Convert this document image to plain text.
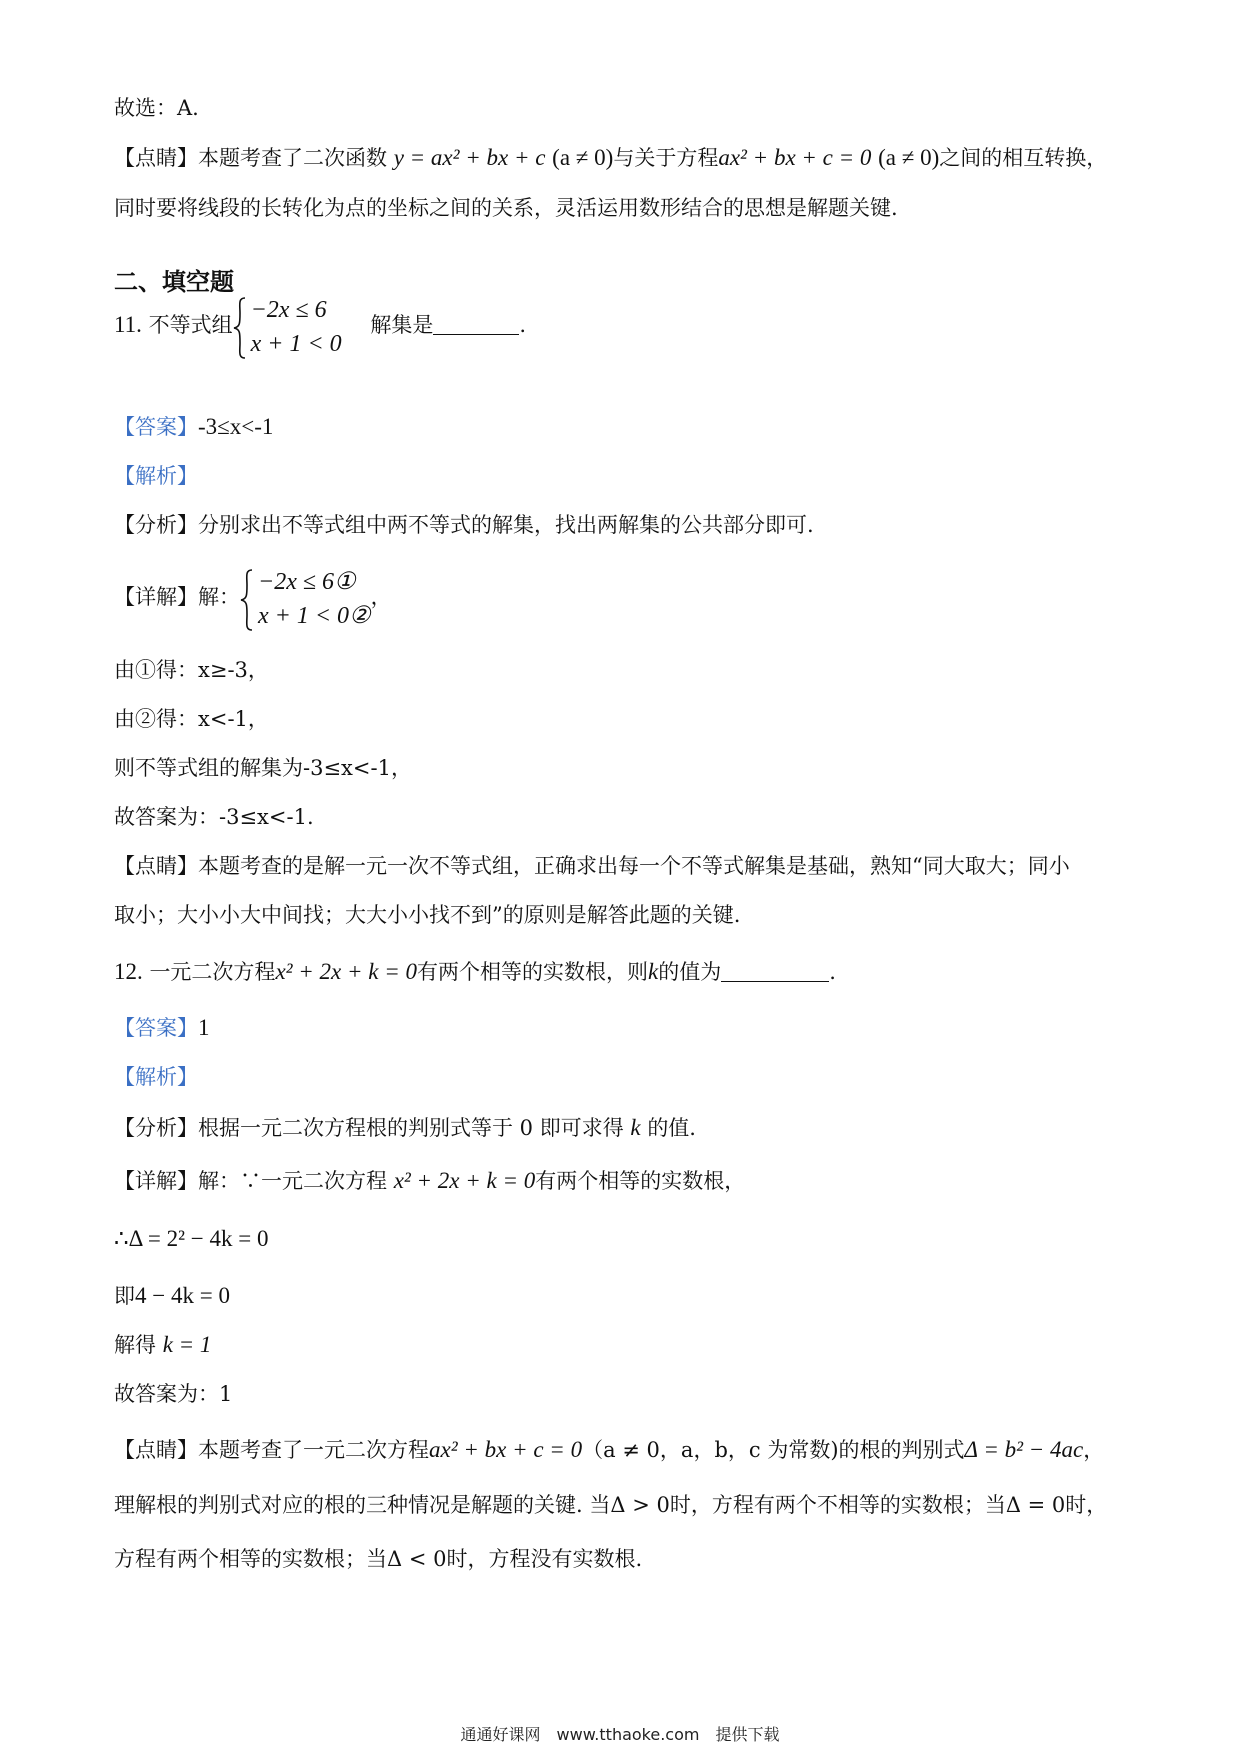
故选：A.
【点睛】本题考查了二次函数 y = ax² + bx + c (a ≠ 0)与关于方程ax² + bx + c = 0 (a ≠ 0)之间的相互转换，
同时要将线段的长转化为点的坐标之间的关系，灵活运用数形结合的思想是解题关键.
二、填空题
11. 不等式组
−2x ≤ 6
x + 1 < 0
解集是	.
【答案】-3≤x<-1
【解析】
【分析】分别求出不等式组中两不等式的解集，找出两解集的公共部分即可.
【详解】解：
−2x ≤ 6①
x + 1 < 0②
，
由①得：x≥-3，
由②得：x<-1，
则不等式组的解集为-3≤x<-1，
故答案为：-3≤x<-1.
【点睛】本题考查的是解一元一次不等式组，正确求出每一个不等式解集是基础，熟知“同大取大；同小
取小；大小小大中间找；大大小小找不到”的原则是解答此题的关键.
12. 一元二次方程x² + 2x + k = 0有两个相等的实数根，则k的值为	.
【答案】1
【解析】
【分析】根据一元二次方程根的判别式等于 0 即可求得 k 的值.
【详解】解：∵一元二次方程 x² + 2x + k = 0有两个相等的实数根，
∴Δ = 2² − 4k = 0
即4 − 4k = 0
解得 k = 1
故答案为：1
【点睛】本题考查了一元二次方程ax² + bx + c = 0（a ≠ 0，a，b，c 为常数)的根的判别式Δ = b² − 4ac，
理解根的判别式对应的根的三种情况是解题的关键. 当Δ > 0时，方程有两个不相等的实数根；当Δ = 0时，
方程有两个相等的实数根；当Δ < 0时，方程没有实数根.
通通好课网　www.tthaoke.com　提供下载
